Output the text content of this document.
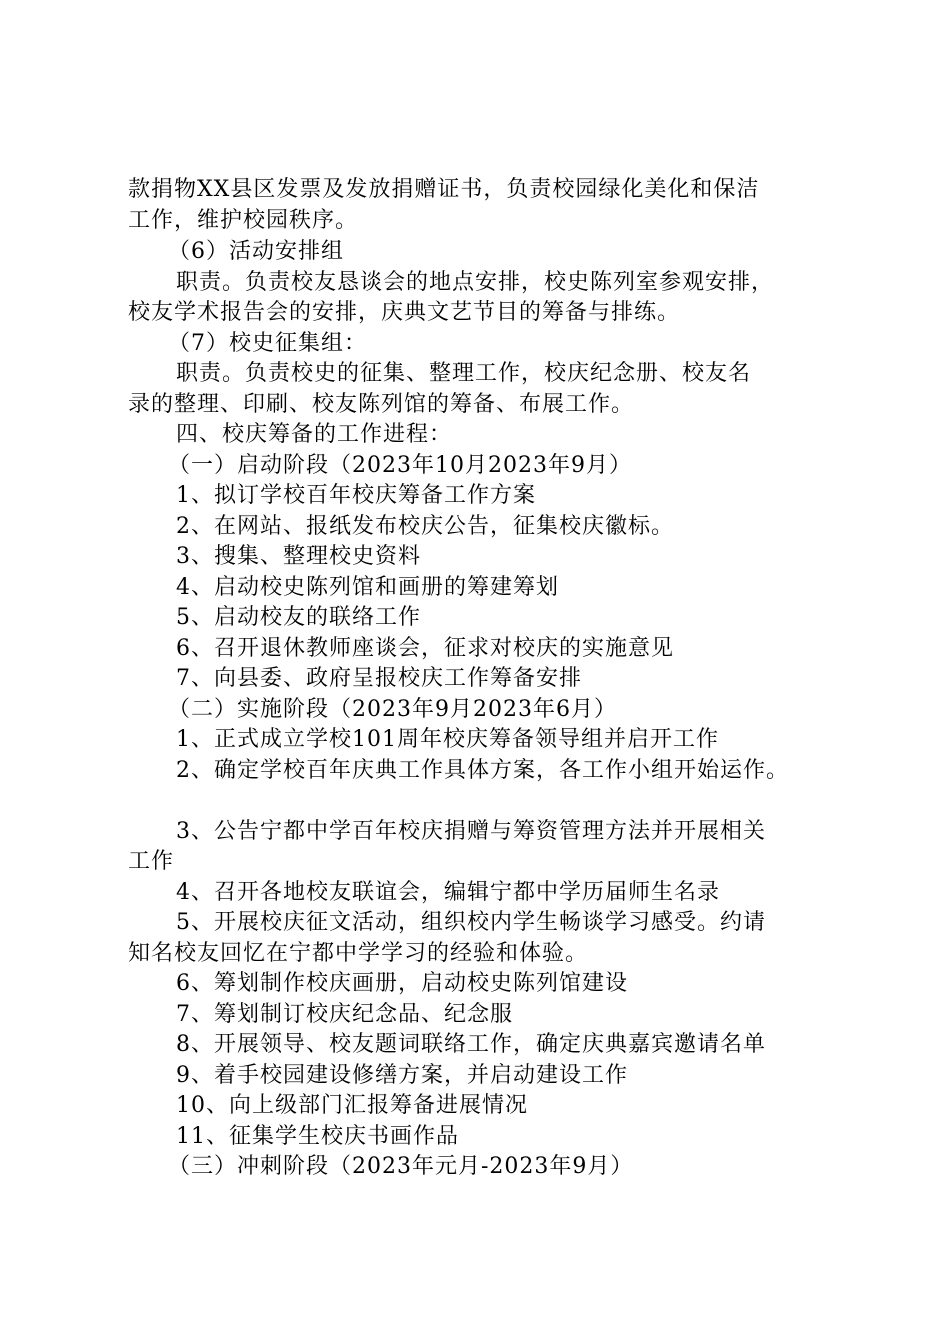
款捐物XX县区发票及发放捐赠证书，负责校园绿化美化和保洁
工作，维护校园秩序。
（6）活动安排组
职责。负责校友恳谈会的地点安排，校史陈列室参观安排，
校友学术报告会的安排，庆典文艺节目的筹备与排练。
（7）校史征集组：
职责。负责校史的征集、整理工作，校庆纪念册、校友名
录的整理、印刷、校友陈列馆的筹备、布展工作。
四、校庆筹备的工作进程：
（一）启动阶段（2023年10月2023年9月）
1、拟订学校百年校庆筹备工作方案
2、在网站、报纸发布校庆公告，征集校庆徽标。
3、搜集、整理校史资料
4、启动校史陈列馆和画册的筹建筹划
5、启动校友的联络工作
6、召开退休教师座谈会，征求对校庆的实施意见
7、向县委、政府呈报校庆工作筹备安排
（二）实施阶段（2023年9月2023年6月）
1、正式成立学校101周年校庆筹备领导组并启开工作
2、确定学校百年庆典工作具体方案，各工作小组开始运作。
3、公告宁都中学百年校庆捐赠与筹资管理方法并开展相关
工作
4、召开各地校友联谊会，编辑宁都中学历届师生名录
5、开展校庆征文活动，组织校内学生畅谈学习感受。约请
知名校友回忆在宁都中学学习的经验和体验。
6、筹划制作校庆画册，启动校史陈列馆建设
7、筹划制订校庆纪念品、纪念服
8、开展领导、校友题词联络工作，确定庆典嘉宾邀请名单
9、着手校园建设修缮方案，并启动建设工作
10、向上级部门汇报筹备进展情况
11、征集学生校庆书画作品
（三）冲刺阶段（2023年元月-2023年9月）
